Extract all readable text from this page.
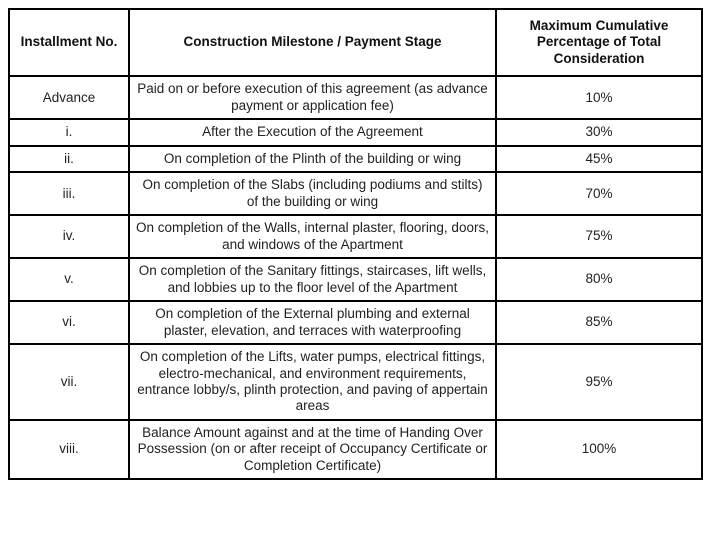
Installment No.	Construction Milestone / Payment Stage	Maximum Cumulative Percentage of Total Consideration
Advance	Paid on or before execution of this agreement (as advance payment or application fee)	10%
i.	After the Execution of the Agreement	30%
ii.	On completion of the Plinth of the building or wing	45%
iii.	On completion of the Slabs (including podiums and stilts) of the building or wing	70%
iv.	On completion of the Walls, internal plaster, flooring, doors, and windows of the Apartment	75%
v.	On completion of the Sanitary fittings, staircases, lift wells, and lobbies up to the floor level of the Apartment	80%
vi.	On completion of the External plumbing and external plaster, elevation, and terraces with waterproofing	85%
vii.	On completion of the Lifts, water pumps, electrical fittings, electro-mechanical, and environment requirements, entrance lobby/s, plinth protection, and paving of appertain areas	95%
viii.	Balance Amount against and at the time of Handing Over Possession (on or after receipt of Occupancy Certificate or Completion Certificate)	100%
